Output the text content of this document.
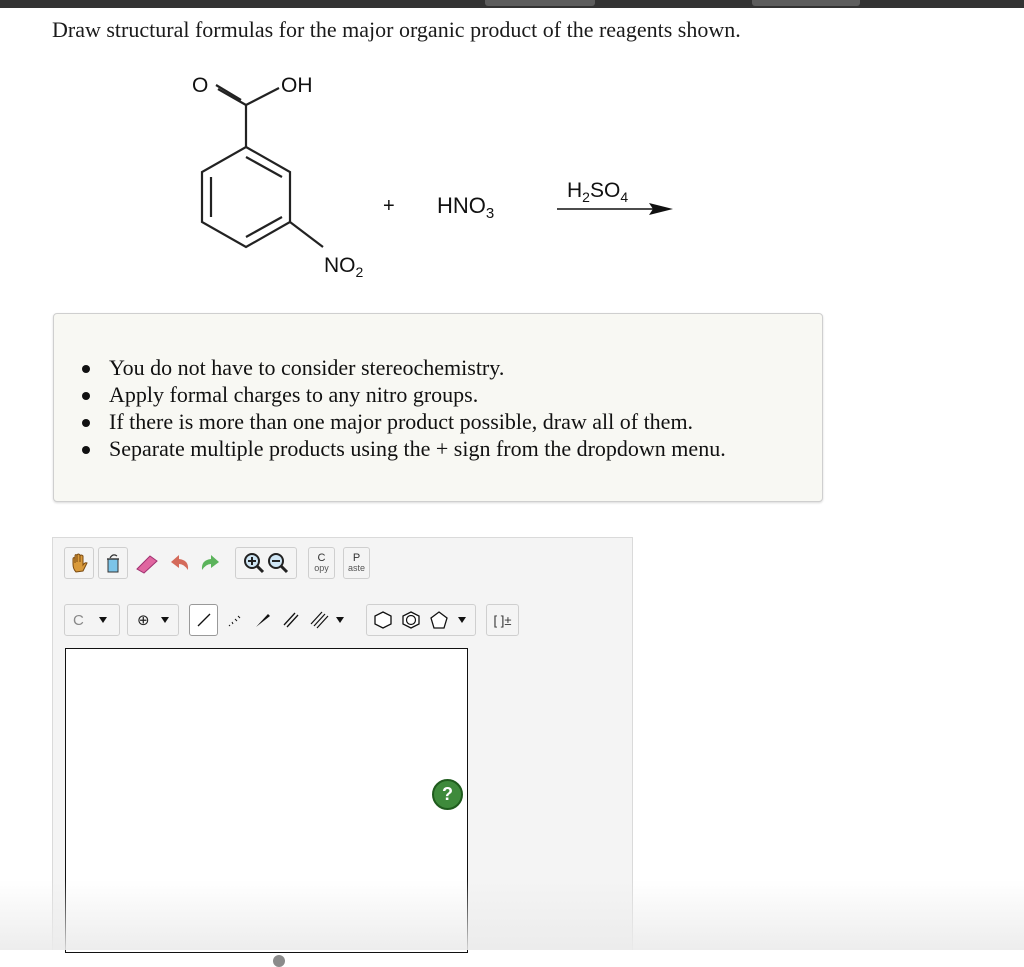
Draw structural formulas for the major organic product of the reagents shown.
O	OH
$NO_2$
+ $HNO_3$
$H_2SO_4$
You do not have to consider stereochemistry.
Apply formal charges to any nitro groups.
If there is more than one major product possible, draw all of them.
Separate multiple products using the + sign from the dropdown menu.
C
opy
P
aste
C	⊕	[ ]±
?
